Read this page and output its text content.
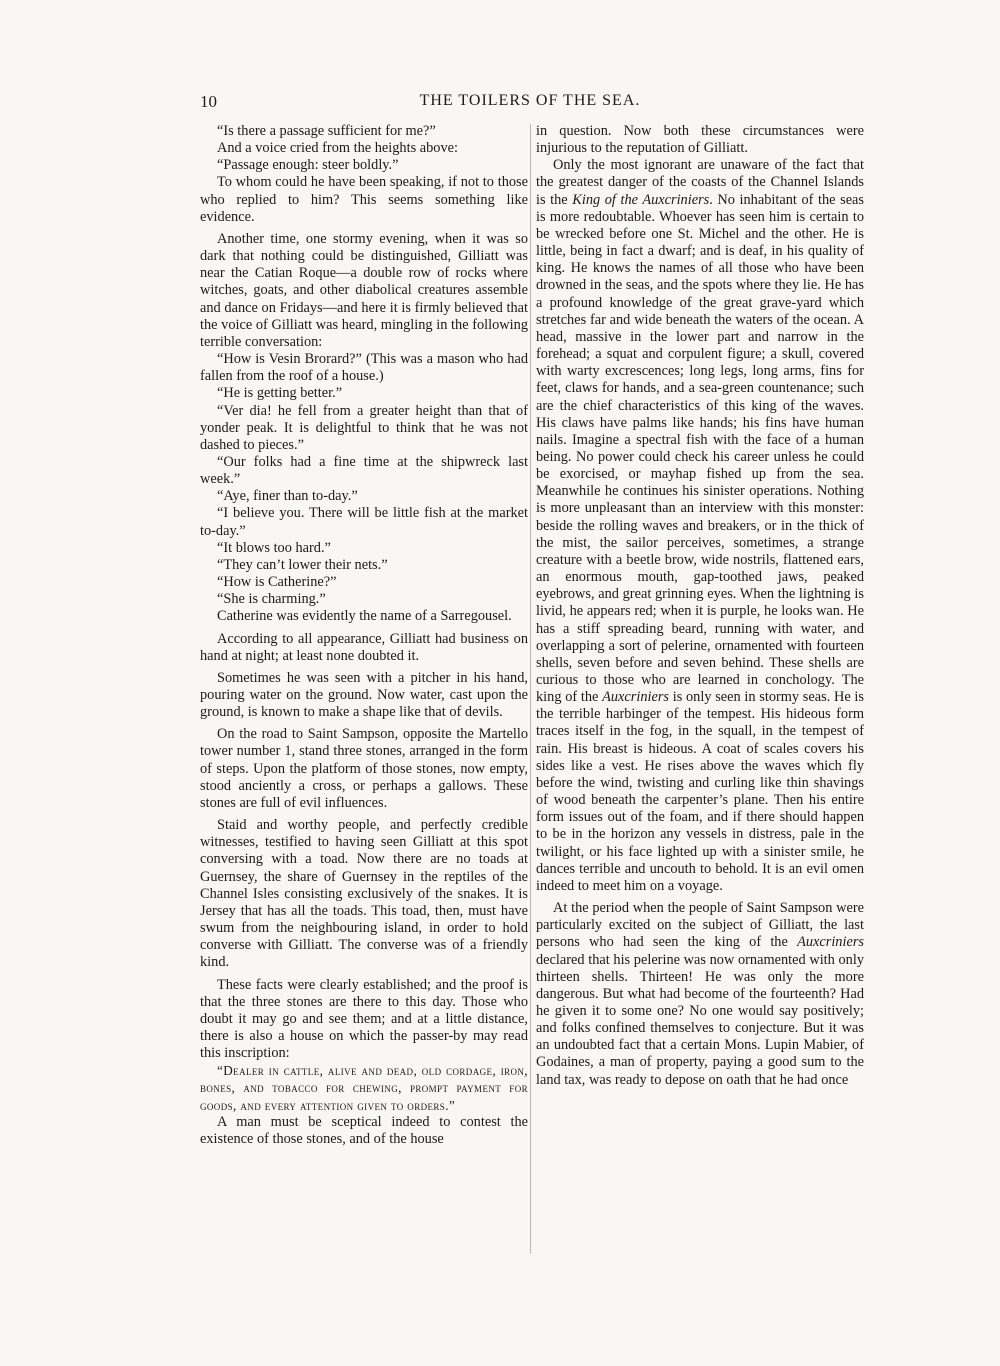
10	THE TOILERS OF THE SEA.

“Is there a passage sufficient for me?”

And a voice cried from the heights above:

“Passage enough: steer boldly.”

To whom could he have been speaking, if not to those who replied to him? This seems something like evidence.

Another time, one stormy evening, when it was so dark that nothing could be distinguished, Gilliatt was near the Catian Roque—a double row of rocks where witches, goats, and other diabolical creatures assemble and dance on Fridays—and here it is firmly believed that the voice of Gilliatt was heard, mingling in the following terrible conversation:

“How is Vesin Brorard?” (This was a mason who had fallen from the roof of a house.)

“He is getting better.”

“Ver dia! he fell from a greater height than that of yonder peak. It is delightful to think that he was not dashed to pieces.”

“Our folks had a fine time at the shipwreck last week.”

“Aye, finer than to-day.”

“I believe you. There will be little fish at the market to-day.”

“It blows too hard.”

“They can’t lower their nets.”

“How is Catherine?”

“She is charming.”

Catherine was evidently the name of a Sarregousel.

According to all appearance, Gilliatt had business on hand at night; at least none doubted it.

Sometimes he was seen with a pitcher in his hand, pouring water on the ground. Now water, cast upon the ground, is known to make a shape like that of devils.

On the road to Saint Sampson, opposite the Martello tower number 1, stand three stones, arranged in the form of steps. Upon the platform of those stones, now empty, stood anciently a cross, or perhaps a gallows. These stones are full of evil influences.

Staid and worthy people, and perfectly credible witnesses, testified to having seen Gilliatt at this spot conversing with a toad. Now there are no toads at Guernsey, the share of Guernsey in the reptiles of the Channel Isles consisting exclusively of the snakes. It is Jersey that has all the toads. This toad, then, must have swum from the neighbouring island, in order to hold converse with Gilliatt. The converse was of a friendly kind.

These facts were clearly established; and the proof is that the three stones are there to this day. Those who doubt it may go and see them; and at a little distance, there is also a house on which the passer-by may read this inscription:

“Dealer in cattle, alive and dead, old cordage, iron, bones, and tobacco for chewing, prompt payment for goods, and every attention given to orders.”

A man must be sceptical indeed to contest the existence of those stones, and of the house

in question. Now both these circumstances were injurious to the reputation of Gilliatt.

Only the most ignorant are unaware of the fact that the greatest danger of the coasts of the Channel Islands is the King of the Auxcriniers. No inhabitant of the seas is more redoubtable. Whoever has seen him is certain to be wrecked before one St. Michel and the other. He is little, being in fact a dwarf; and is deaf, in his quality of king. He knows the names of all those who have been drowned in the seas, and the spots where they lie. He has a profound knowledge of the great grave-yard which stretches far and wide beneath the waters of the ocean. A head, massive in the lower part and narrow in the forehead; a squat and corpulent figure; a skull, covered with warty excrescences; long legs, long arms, fins for feet, claws for hands, and a sea-green countenance; such are the chief characteristics of this king of the waves. His claws have palms like hands; his fins have human nails. Imagine a spectral fish with the face of a human being. No power could check his career unless he could be exorcised, or mayhap fished up from the sea. Meanwhile he continues his sinister operations. Nothing is more unpleasant than an interview with this monster: beside the rolling waves and breakers, or in the thick of the mist, the sailor perceives, sometimes, a strange creature with a beetle brow, wide nostrils, flattened ears, an enormous mouth, gap-toothed jaws, peaked eyebrows, and great grinning eyes. When the lightning is livid, he appears red; when it is purple, he looks wan. He has a stiff spreading beard, running with water, and overlapping a sort of pelerine, ornamented with fourteen shells, seven before and seven behind. These shells are curious to those who are learned in conchology. The king of the Auxcriniers is only seen in stormy seas. He is the terrible harbinger of the tempest. His hideous form traces itself in the fog, in the squall, in the tempest of rain. His breast is hideous. A coat of scales covers his sides like a vest. He rises above the waves which fly before the wind, twisting and curling like thin shavings of wood beneath the carpenter’s plane. Then his entire form issues out of the foam, and if there should happen to be in the horizon any vessels in distress, pale in the twilight, or his face lighted up with a sinister smile, he dances terrible and uncouth to behold. It is an evil omen indeed to meet him on a voyage.

At the period when the people of Saint Sampson were particularly excited on the subject of Gilliatt, the last persons who had seen the king of the Auxcriniers declared that his pelerine was now ornamented with only thirteen shells. Thirteen! He was only the more dangerous. But what had become of the fourteenth? Had he given it to some one? No one would say positively; and folks confined themselves to conjecture. But it was an undoubted fact that a certain Mons. Lupin Mabier, of Godaines, a man of property, paying a good sum to the land tax, was ready to depose on oath that he had once
